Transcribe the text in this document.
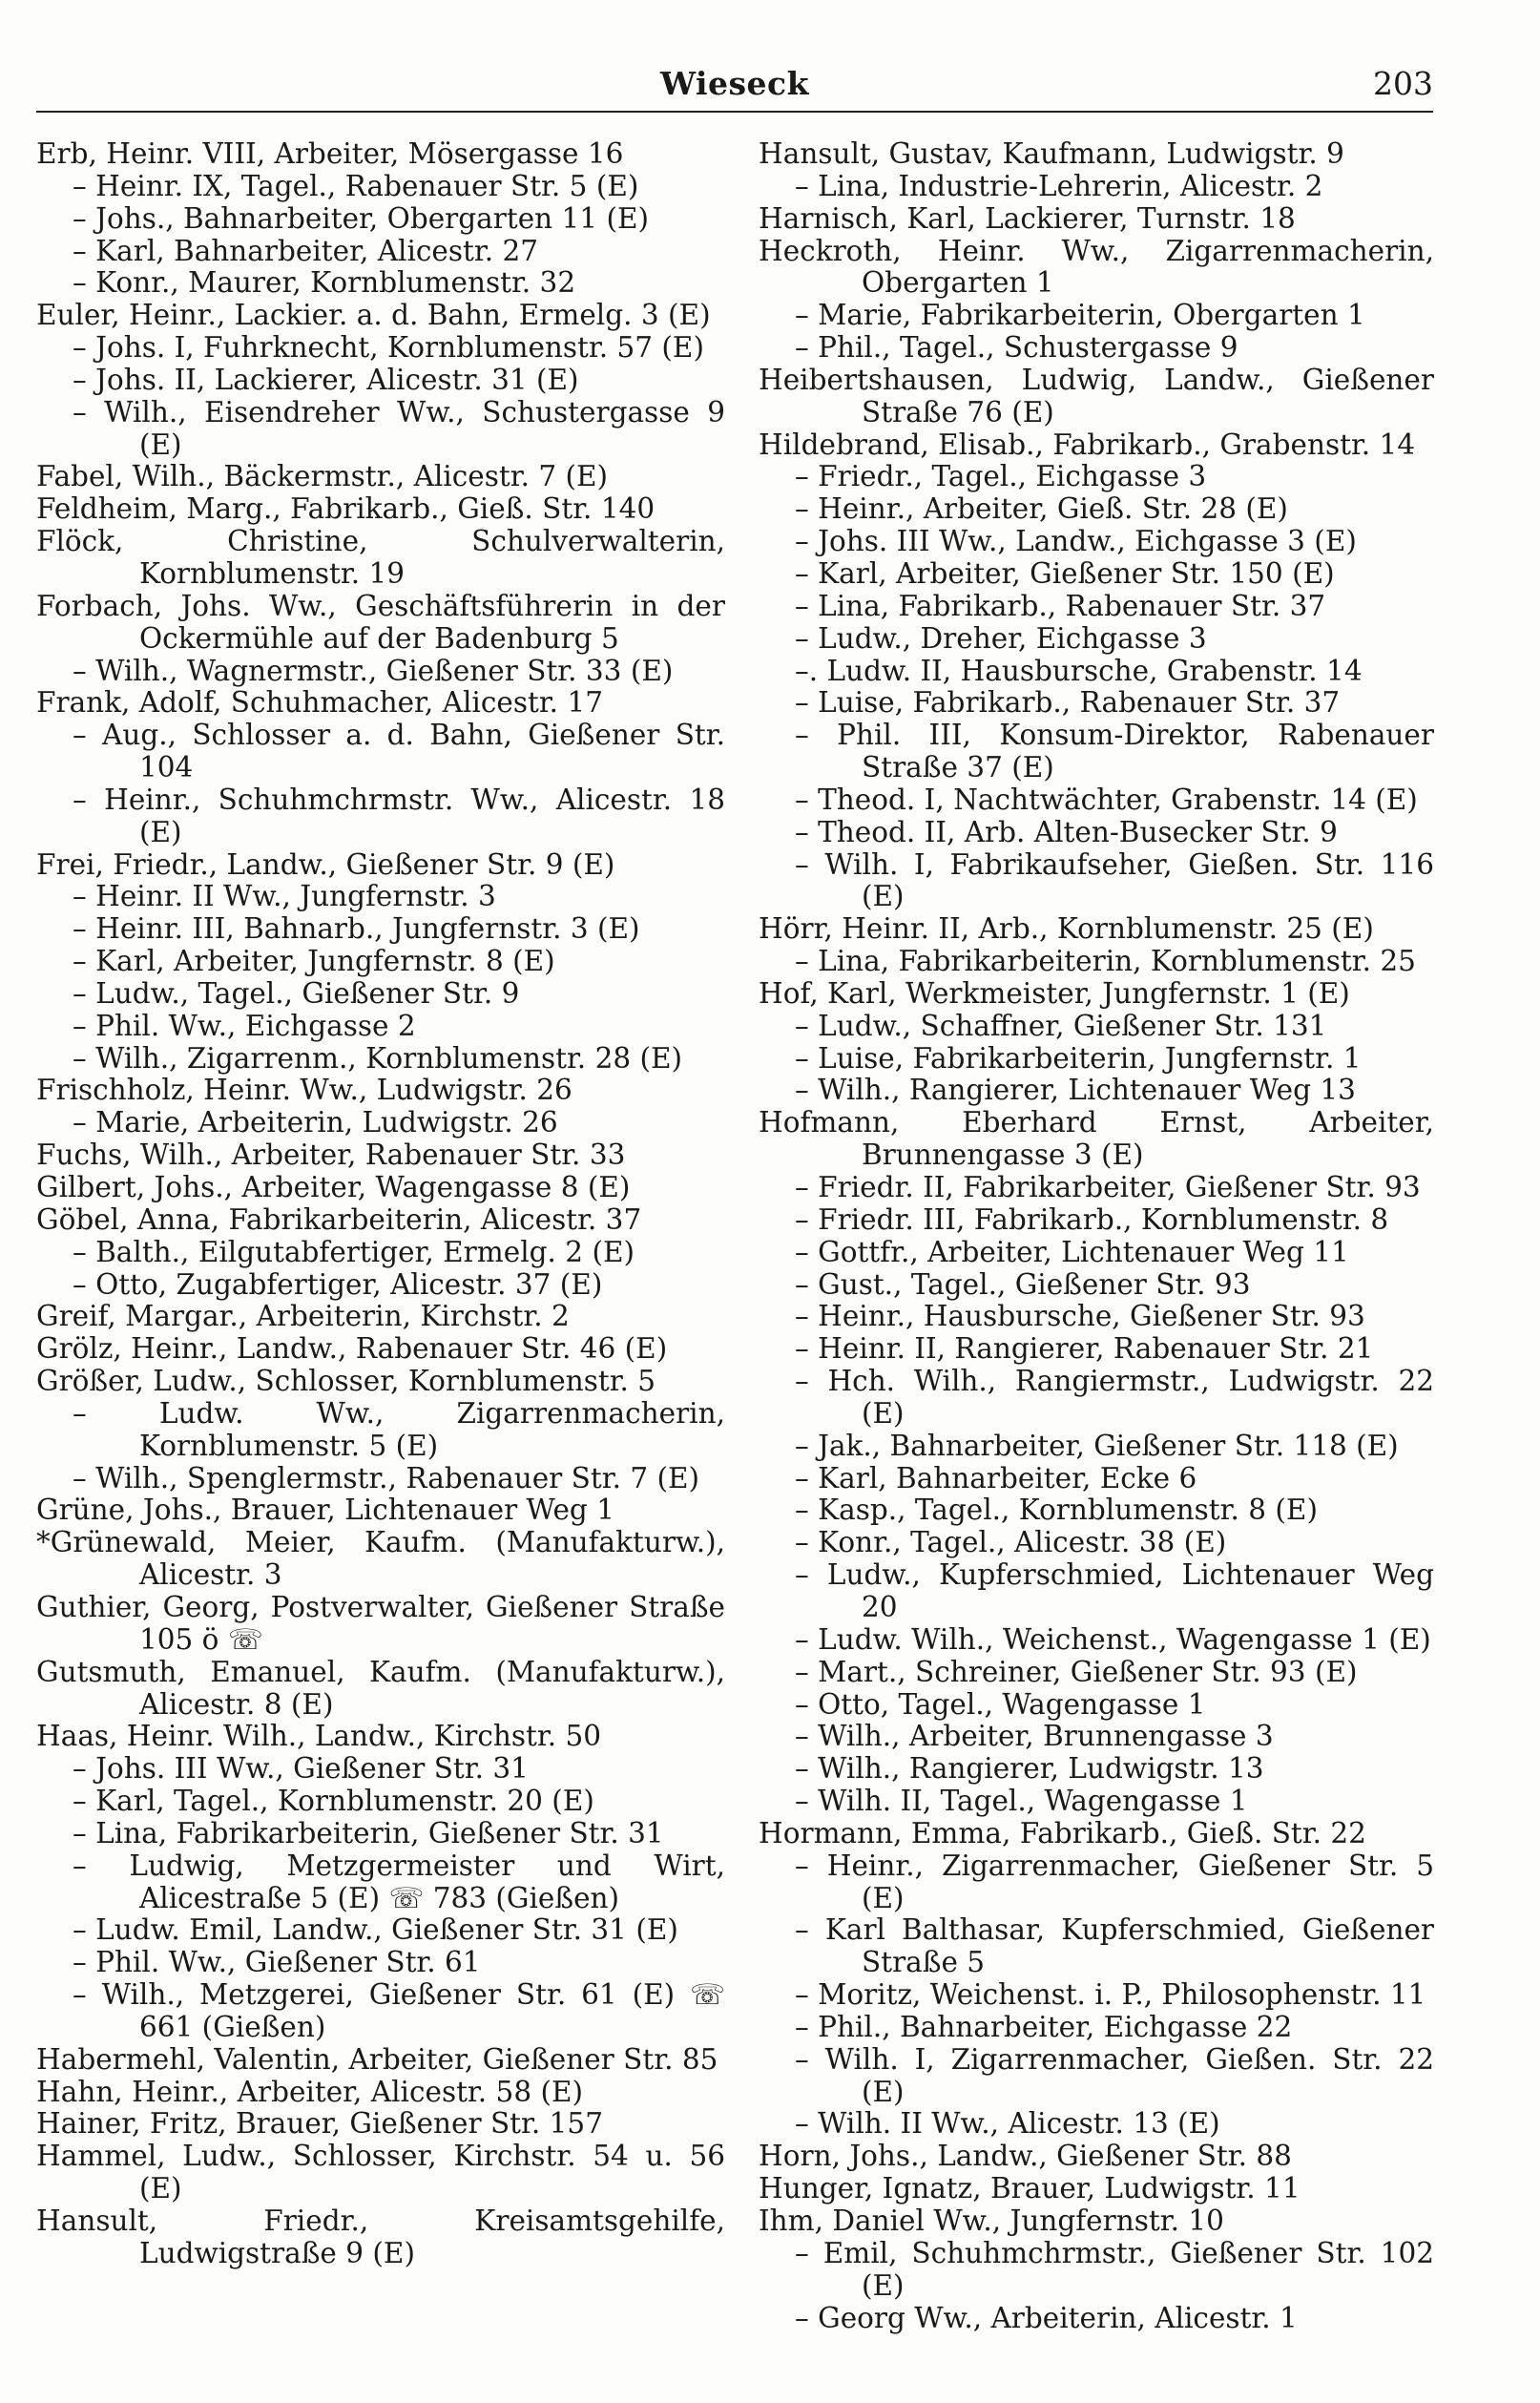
Wieseck	203
Erb, Heinr. VIII, Arbeiter, Mösergasse 16
– Heinr. IX, Tagel., Rabenauer Str. 5 (E)
– Johs., Bahnarbeiter, Obergarten 11 (E)
– Karl, Bahnarbeiter, Alicestr. 27
– Konr., Maurer, Kornblumenstr. 32
Euler, Heinr., Lackier. a. d. Bahn, Ermelg. 3 (E)
– Johs. I, Fuhrknecht, Kornblumenstr. 57 (E)
– Johs. II, Lackierer, Alicestr. 31 (E)
– Wilh., Eisendreher Ww., Schustergasse 9 (E)
Fabel, Wilh., Bäckermstr., Alicestr. 7 (E)
Feldheim, Marg., Fabrikarb., Gieß. Str. 140
Flöck, Christine, Schulverwalterin, Kornblumenstr. 19
Forbach, Johs. Ww., Geschäftsführerin in der Ockermühle auf der Badenburg 5
– Wilh., Wagnermstr., Gießener Str. 33 (E)
Frank, Adolf, Schuhmacher, Alicestr. 17
– Aug., Schlosser a. d. Bahn, Gießener Str. 104
– Heinr., Schuhmchrmstr. Ww., Alicestr. 18 (E)
Frei, Friedr., Landw., Gießener Str. 9 (E)
– Heinr. II Ww., Jungfernstr. 3
– Heinr. III, Bahnarb., Jungfernstr. 3 (E)
– Karl, Arbeiter, Jungfernstr. 8 (E)
– Ludw., Tagel., Gießener Str. 9
– Phil. Ww., Eichgasse 2
– Wilh., Zigarrenm., Kornblumenstr. 28 (E)
Frischholz, Heinr. Ww., Ludwigstr. 26
– Marie, Arbeiterin, Ludwigstr. 26
Fuchs, Wilh., Arbeiter, Rabenauer Str. 33
Gilbert, Johs., Arbeiter, Wagengasse 8 (E)
Göbel, Anna, Fabrikarbeiterin, Alicestr. 37
– Balth., Eilgutabfertiger, Ermelg. 2 (E)
– Otto, Zugabfertiger, Alicestr. 37 (E)
Greif, Margar., Arbeiterin, Kirchstr. 2
Grölz, Heinr., Landw., Rabenauer Str. 46 (E)
Größer, Ludw., Schlosser, Kornblumenstr. 5
– Ludw. Ww., Zigarrenmacherin, Kornblumenstr. 5 (E)
– Wilh., Spenglermstr., Rabenauer Str. 7 (E)
Grüne, Johs., Brauer, Lichtenauer Weg 1
*Grünewald, Meier, Kaufm. (Manufakturw.), Alicestr. 3
Guthier, Georg, Postverwalter, Gießener Straße 105 ö ☏
Gutsmuth, Emanuel, Kaufm. (Manufakturw.), Alicestr. 8 (E)
Haas, Heinr. Wilh., Landw., Kirchstr. 50
– Johs. III Ww., Gießener Str. 31
– Karl, Tagel., Kornblumenstr. 20 (E)
– Lina, Fabrikarbeiterin, Gießener Str. 31
– Ludwig, Metzgermeister und Wirt, Alicestraße 5 (E) ☏ 783 (Gießen)
– Ludw. Emil, Landw., Gießener Str. 31 (E)
– Phil. Ww., Gießener Str. 61
– Wilh., Metzgerei, Gießener Str. 61 (E) ☏ 661 (Gießen)
Habermehl, Valentin, Arbeiter, Gießener Str. 85
Hahn, Heinr., Arbeiter, Alicestr. 58 (E)
Hainer, Fritz, Brauer, Gießener Str. 157
Hammel, Ludw., Schlosser, Kirchstr. 54 u. 56 (E)
Hansult, Friedr., Kreisamtsgehilfe, Ludwigstraße 9 (E)
Hansult, Gustav, Kaufmann, Ludwigstr. 9
– Lina, Industrie-Lehrerin, Alicestr. 2
Harnisch, Karl, Lackierer, Turnstr. 18
Heckroth, Heinr. Ww., Zigarrenmacherin, Obergarten 1
– Marie, Fabrikarbeiterin, Obergarten 1
– Phil., Tagel., Schustergasse 9
Heibertshausen, Ludwig, Landw., Gießener Straße 76 (E)
Hildebrand, Elisab., Fabrikarb., Grabenstr. 14
– Friedr., Tagel., Eichgasse 3
– Heinr., Arbeiter, Gieß. Str. 28 (E)
– Johs. III Ww., Landw., Eichgasse 3 (E)
– Karl, Arbeiter, Gießener Str. 150 (E)
– Lina, Fabrikarb., Rabenauer Str. 37
– Ludw., Dreher, Eichgasse 3
–. Ludw. II, Hausbursche, Grabenstr. 14
– Luise, Fabrikarb., Rabenauer Str. 37
– Phil. III, Konsum-Direktor, Rabenauer Straße 37 (E)
– Theod. I, Nachtwächter, Grabenstr. 14 (E)
– Theod. II, Arb. Alten-Busecker Str. 9
– Wilh. I, Fabrikaufseher, Gießen. Str. 116 (E)
Hörr, Heinr. II, Arb., Kornblumenstr. 25 (E)
– Lina, Fabrikarbeiterin, Kornblumenstr. 25
Hof, Karl, Werkmeister, Jungfernstr. 1 (E)
– Ludw., Schaffner, Gießener Str. 131
– Luise, Fabrikarbeiterin, Jungfernstr. 1
– Wilh., Rangierer, Lichtenauer Weg 13
Hofmann, Eberhard Ernst, Arbeiter, Brunnengasse 3 (E)
– Friedr. II, Fabrikarbeiter, Gießener Str. 93
– Friedr. III, Fabrikarb., Kornblumenstr. 8
– Gottfr., Arbeiter, Lichtenauer Weg 11
– Gust., Tagel., Gießener Str. 93
– Heinr., Hausbursche, Gießener Str. 93
– Heinr. II, Rangierer, Rabenauer Str. 21
– Hch. Wilh., Rangiermstr., Ludwigstr. 22 (E)
– Jak., Bahnarbeiter, Gießener Str. 118 (E)
– Karl, Bahnarbeiter, Ecke 6
– Kasp., Tagel., Kornblumenstr. 8 (E)
– Konr., Tagel., Alicestr. 38 (E)
– Ludw., Kupferschmied, Lichtenauer Weg 20
– Ludw. Wilh., Weichenst., Wagengasse 1 (E)
– Mart., Schreiner, Gießener Str. 93 (E)
– Otto, Tagel., Wagengasse 1
– Wilh., Arbeiter, Brunnengasse 3
– Wilh., Rangierer, Ludwigstr. 13
– Wilh. II, Tagel., Wagengasse 1
Hormann, Emma, Fabrikarb., Gieß. Str. 22
– Heinr., Zigarrenmacher, Gießener Str. 5 (E)
– Karl Balthasar, Kupferschmied, Gießener Straße 5
– Moritz, Weichenst. i. P., Philosophenstr. 11
– Phil., Bahnarbeiter, Eichgasse 22
– Wilh. I, Zigarrenmacher, Gießen. Str. 22 (E)
– Wilh. II Ww., Alicestr. 13 (E)
Horn, Johs., Landw., Gießener Str. 88
Hunger, Ignatz, Brauer, Ludwigstr. 11
Ihm, Daniel Ww., Jungfernstr. 10
– Emil, Schuhmchrmstr., Gießener Str. 102 (E)
– Georg Ww., Arbeiterin, Alicestr. 1
